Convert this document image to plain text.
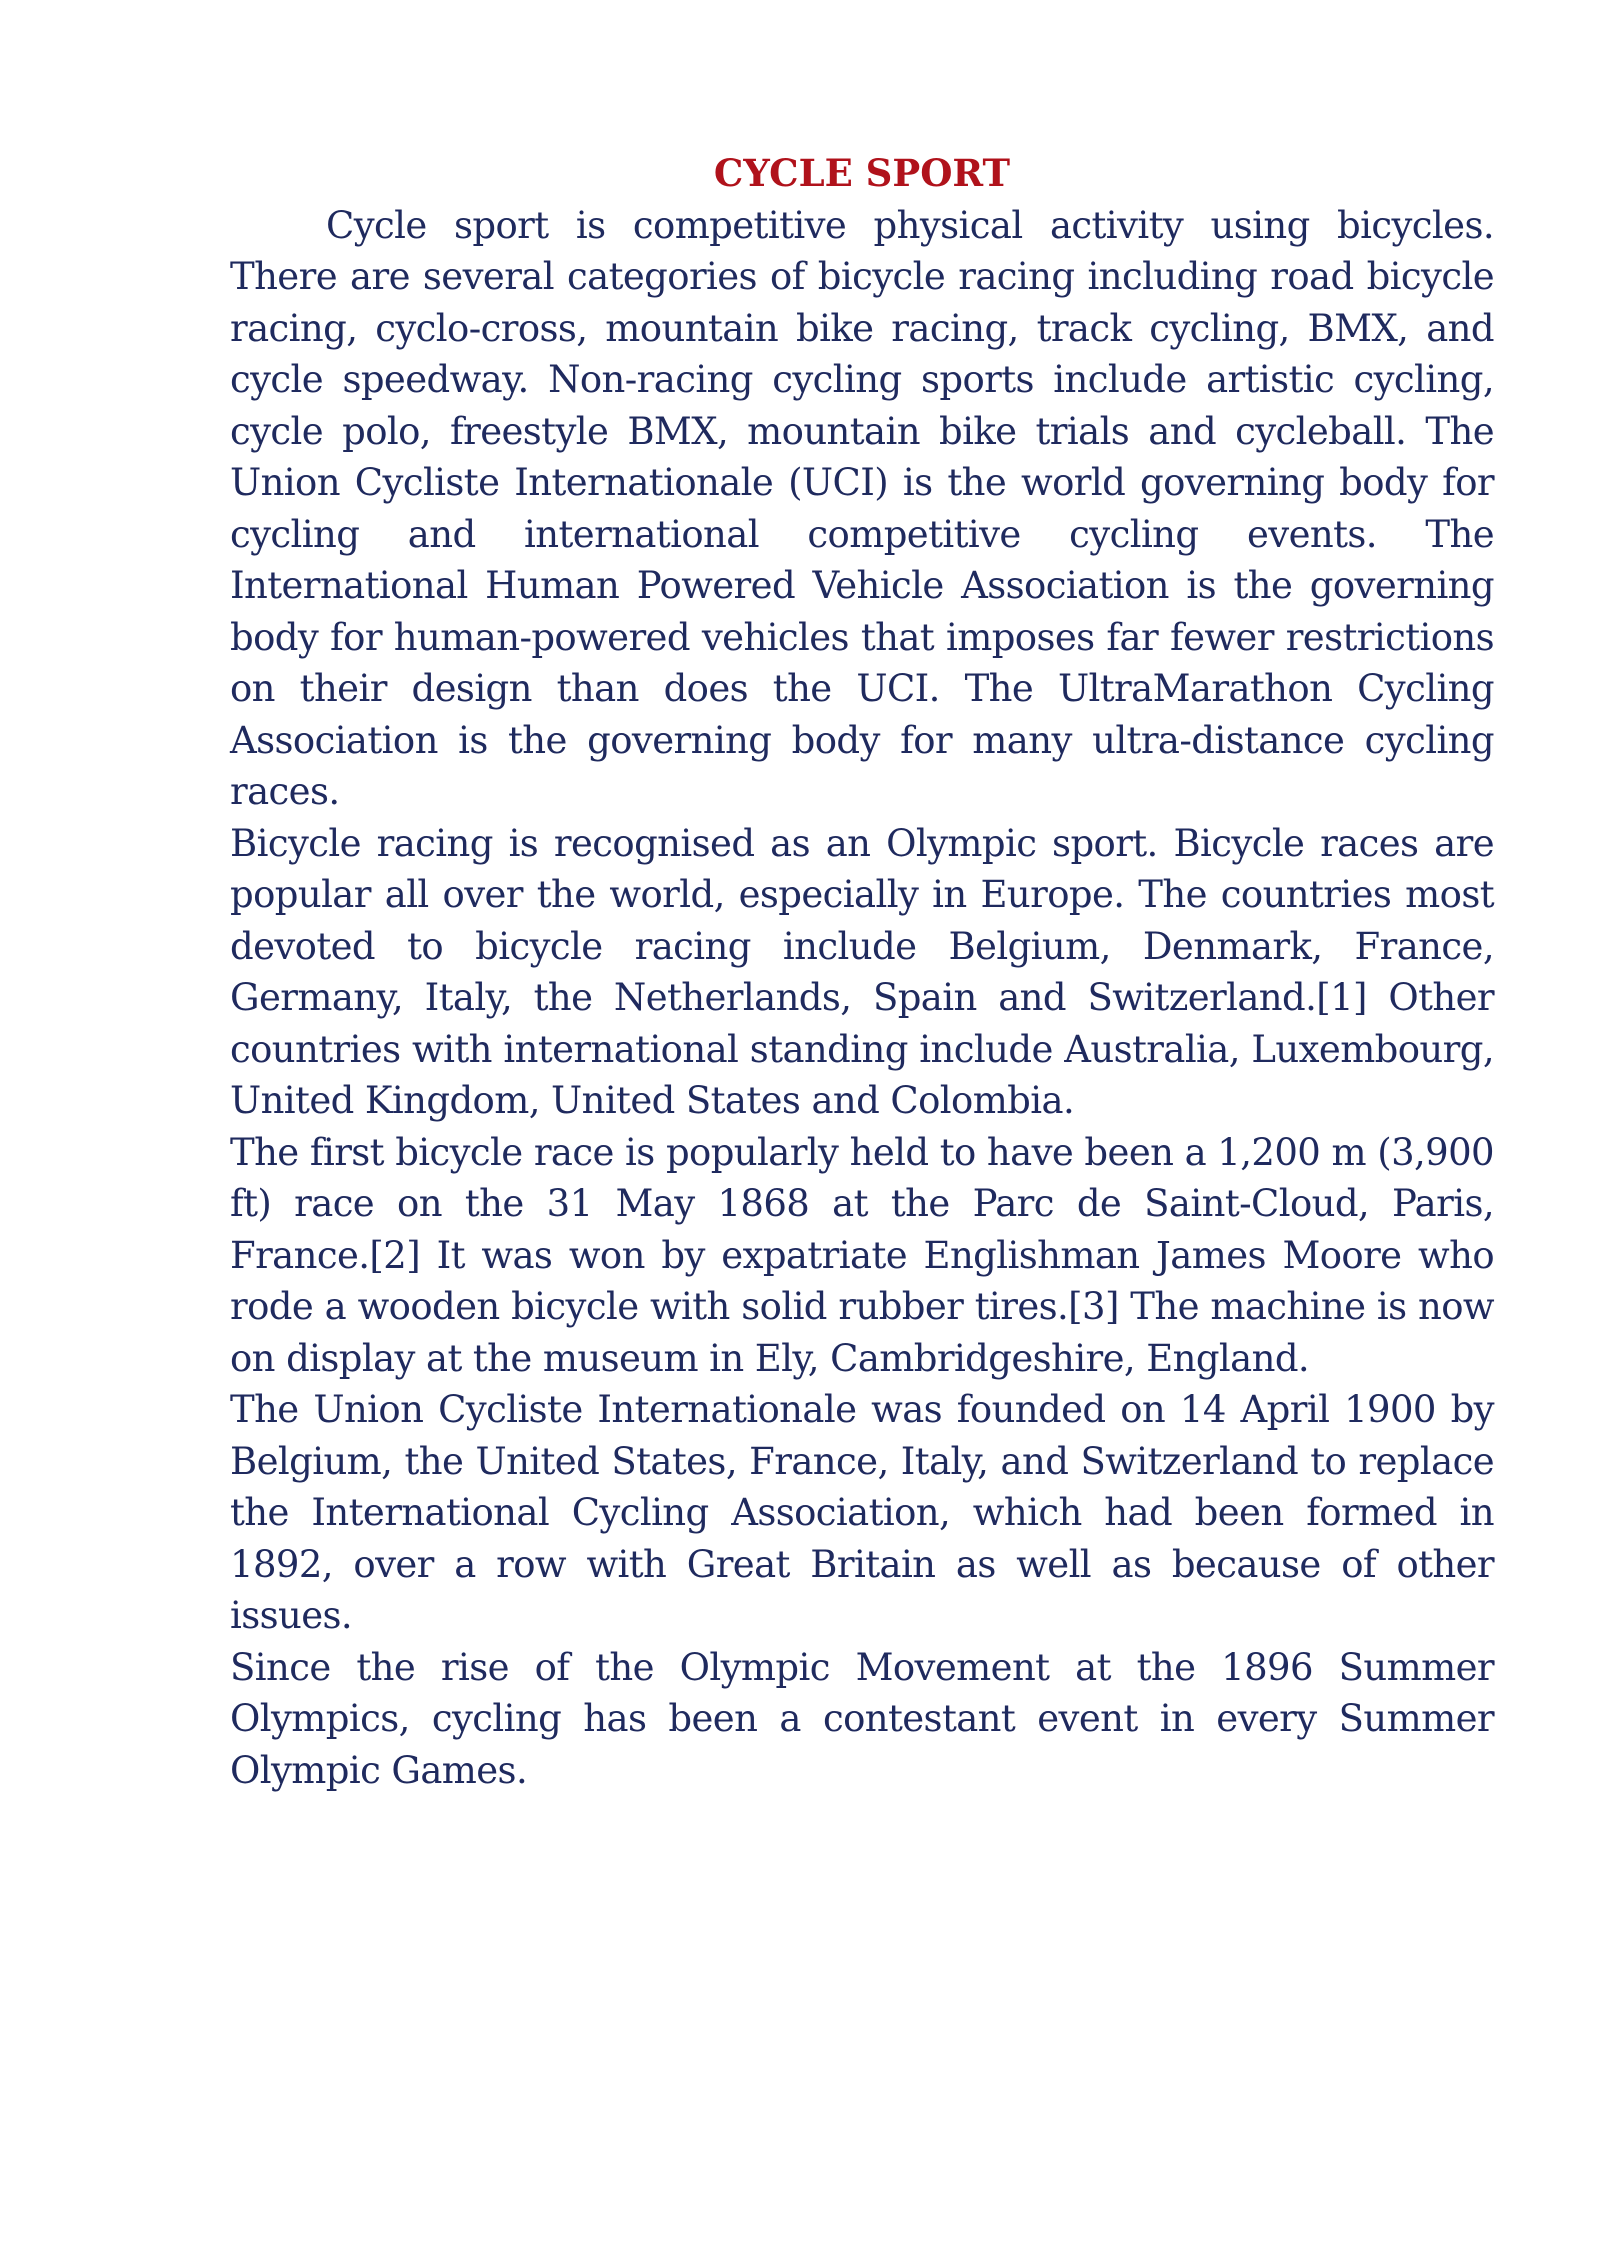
CYCLE SPORT

Cycle sport is competitive physical activity using bicycles. There are several categories of bicycle racing including road bicycle racing, cyclo-cross, mountain bike racing, track cycling, BMX, and cycle speedway. Non-racing cycling sports include artistic cycling, cycle polo, freestyle BMX, mountain bike trials and cycleball. The Union Cycliste Internationale (UCI) is the world governing body for cycling and international competitive cycling events. The International Human Powered Vehicle Association is the governing body for human-powered vehicles that imposes far fewer restrictions on their design than does the UCI. The UltraMarathon Cycling Association is the governing body for many ultra-distance cycling races.

Bicycle racing is recognised as an Olympic sport. Bicycle races are popular all over the world, especially in Europe. The countries most devoted to bicycle racing include Belgium, Denmark, France, Germany, Italy, the Netherlands, Spain and Switzerland.[1] Other countries with international standing include Australia, Luxembourg, United Kingdom, United States and Colombia.

The first bicycle race is popularly held to have been a 1,200 m (3,900 ft) race on the 31 May 1868 at the Parc de Saint-Cloud, Paris, France.[2] It was won by expatriate Englishman James Moore who rode a wooden bicycle with solid rubber tires.[3] The machine is now on display at the museum in Ely, Cambridgeshire, England.

The Union Cycliste Internationale was founded on 14 April 1900 by Belgium, the United States, France, Italy, and Switzerland to replace the International Cycling Association, which had been formed in 1892, over a row with Great Britain as well as because of other issues.

Since the rise of the Olympic Movement at the 1896 Summer Olympics, cycling has been a contestant event in every Summer Olympic Games.
